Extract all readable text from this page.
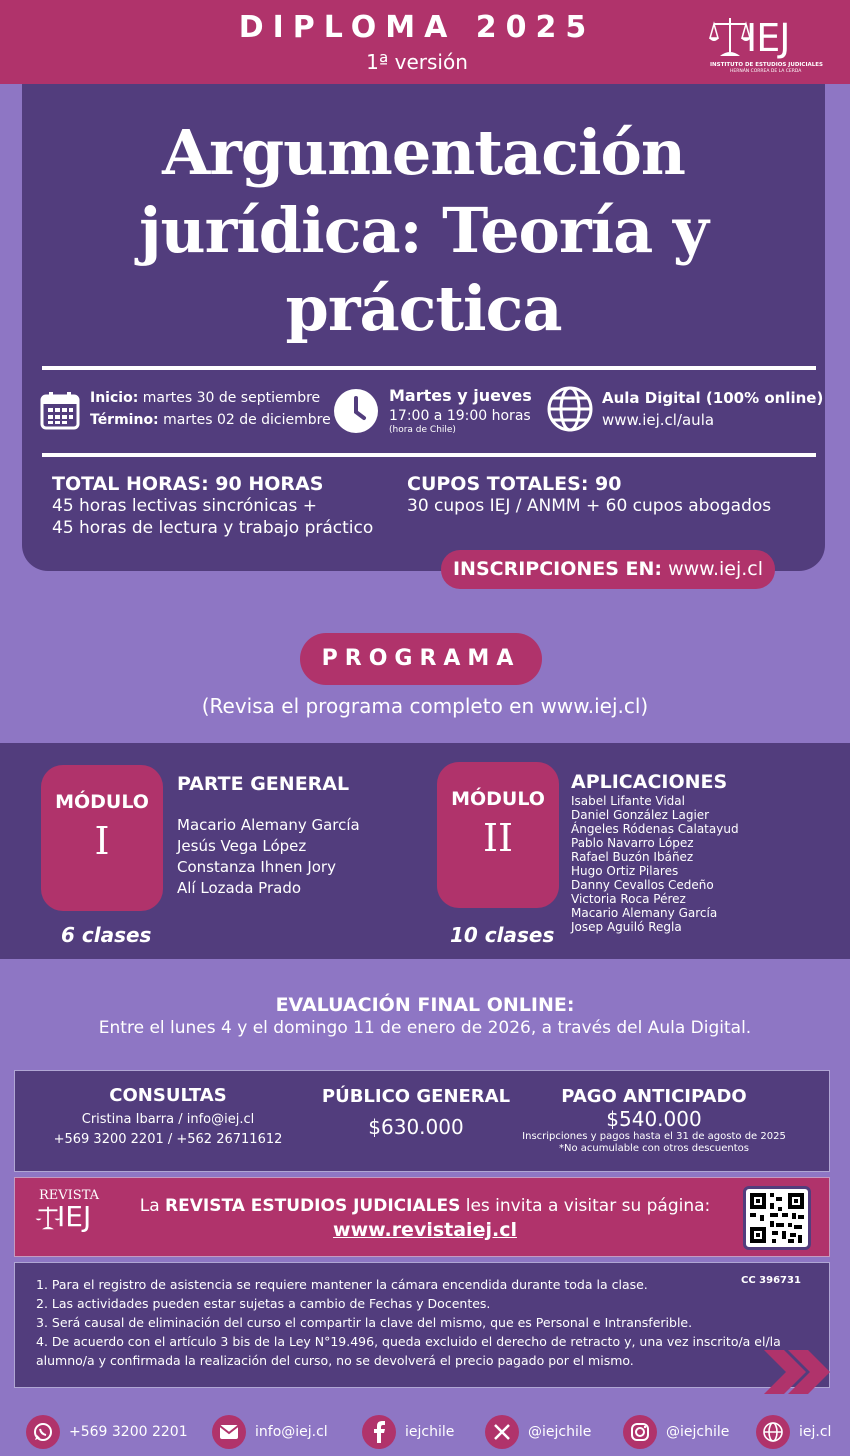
DIPLOMA 2025
1ª versión
IEJ
INSTITUTO DE ESTUDIOS JUDICIALES
HERNÁN CORREA DE LA CERDA
Argumentación
jurídica: Teoría y
práctica
Inicio: martes 30 de septiembre
Término: martes 02 de diciembre
Martes y jueves
17:00 a 19:00 horas
(hora de Chile)
Aula Digital (100% online)
www.iej.cl/aula
TOTAL HORAS: 90 HORAS
45 horas lectivas sincrónicas +
45 horas de lectura y trabajo práctico
CUPOS TOTALES: 90
30 cupos IEJ / ANMM + 60 cupos abogados
INSCRIPCIONES EN: www.iej.cl
PROGRAMA
(Revisa el programa completo en www.iej.cl)
MÓDULO
I
6 clases
PARTE GENERAL
Macario Alemany García
Jesús Vega López
Constanza Ihnen Jory
Alí Lozada Prado
MÓDULO
II
10 clases
APLICACIONES
Isabel Lifante Vidal
Daniel González Lagier
Ángeles Ródenas Calatayud
Pablo Navarro López
Rafael Buzón Ibáñez
Hugo Ortiz Pilares
Danny Cevallos Cedeño
Victoria Roca Pérez
Macario Alemany García
Josep Aguiló Regla
EVALUACIÓN FINAL ONLINE:
Entre el lunes 4 y el domingo 11 de enero de 2026, a través del Aula Digital.
CONSULTAS
Cristina Ibarra / info@iej.cl
+569 3200 2201 / +562 26711612
PÚBLICO GENERAL
$630.000
PAGO ANTICIPADO
$540.000
Inscripciones y pagos hasta el 31 de agosto de 2025
*No acumulable con otros descuentos
REVISTA
IEJ	La REVISTA ESTUDIOS JUDICIALES les invita a visitar su página:
www.revistaiej.cl
1. Para el registro de asistencia se requiere mantener la cámara encendida durante toda la clase.
2. Las actividades pueden estar sujetas a cambio de Fechas y Docentes.
3. Será causal de eliminación del curso el compartir la clave del mismo, que es Personal e Intransferible.
4. De acuerdo con el artículo 3 bis de la Ley N°19.496, queda excluido el derecho de retracto y, una vez inscrito/a el/la alumno/a y confirmada la realización del curso, no se devolverá el precio pagado por el mismo.
CC 396731
+569 3200 2201	info@iej.cl	iejchile	@iejchile	@iejchile	iej.cl
